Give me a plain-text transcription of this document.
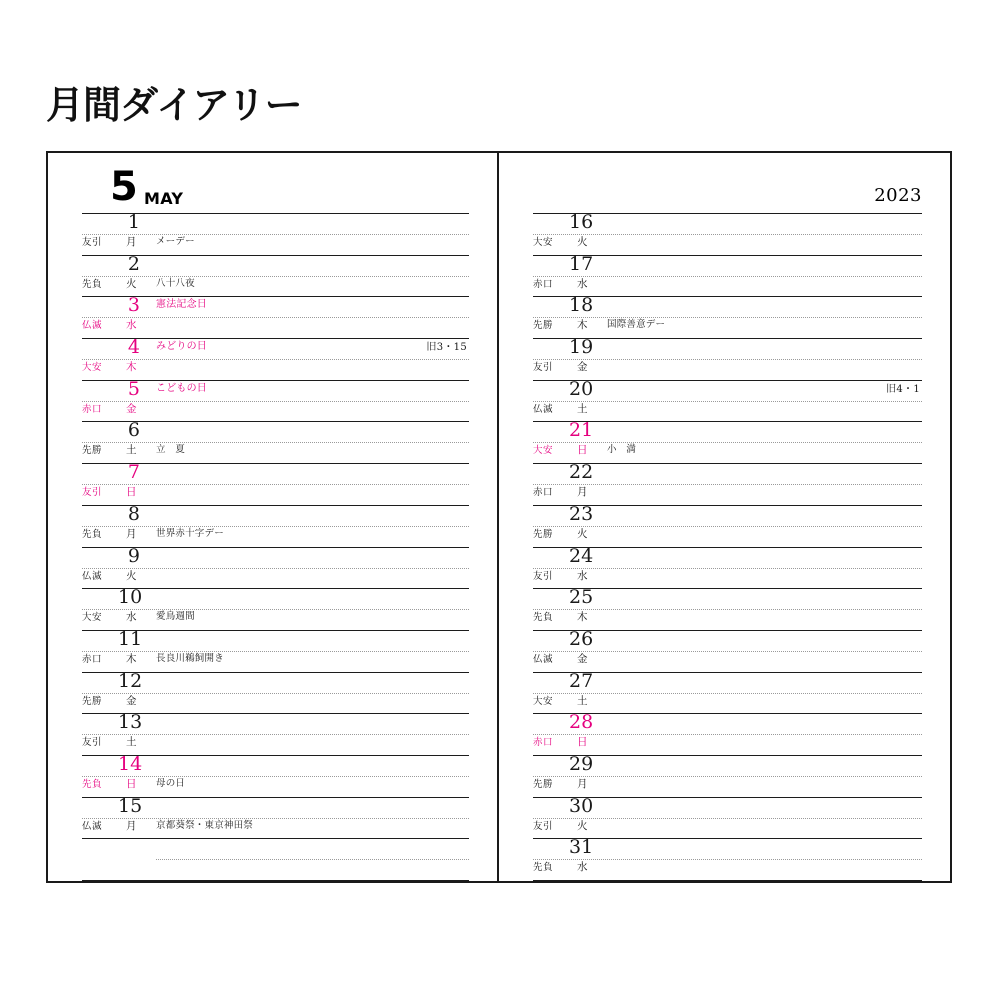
月間ダイアリー
5 MAY
1
友引 月 メーデー
2
先負 火 八十八夜
3
仏滅 水
憲法記念日
4
大安 木
みどりの日	旧3・15
5
赤口 金
こどもの日
6
先勝 土 立　夏
7
友引 日
8
先負 月 世界赤十字デー
9
仏滅 火
10
大安 水 愛鳥週間
11
赤口 木 長良川鵜飼開き
12
先勝 金
13
友引 土
14
先負 日 母の日
15
仏滅 月 京都葵祭・東京神田祭
2023
16
大安 火
17
赤口 水
18
先勝 木 国際善意デー
19
友引 金
20
仏滅 土
旧4・1
21
大安 日 小　満
22
赤口 月
23
先勝 火
24
友引 水
25
先負 木
26
仏滅 金
27
大安 土
28
赤口 日
29
先勝 月
30
友引 火
31
先負 水
